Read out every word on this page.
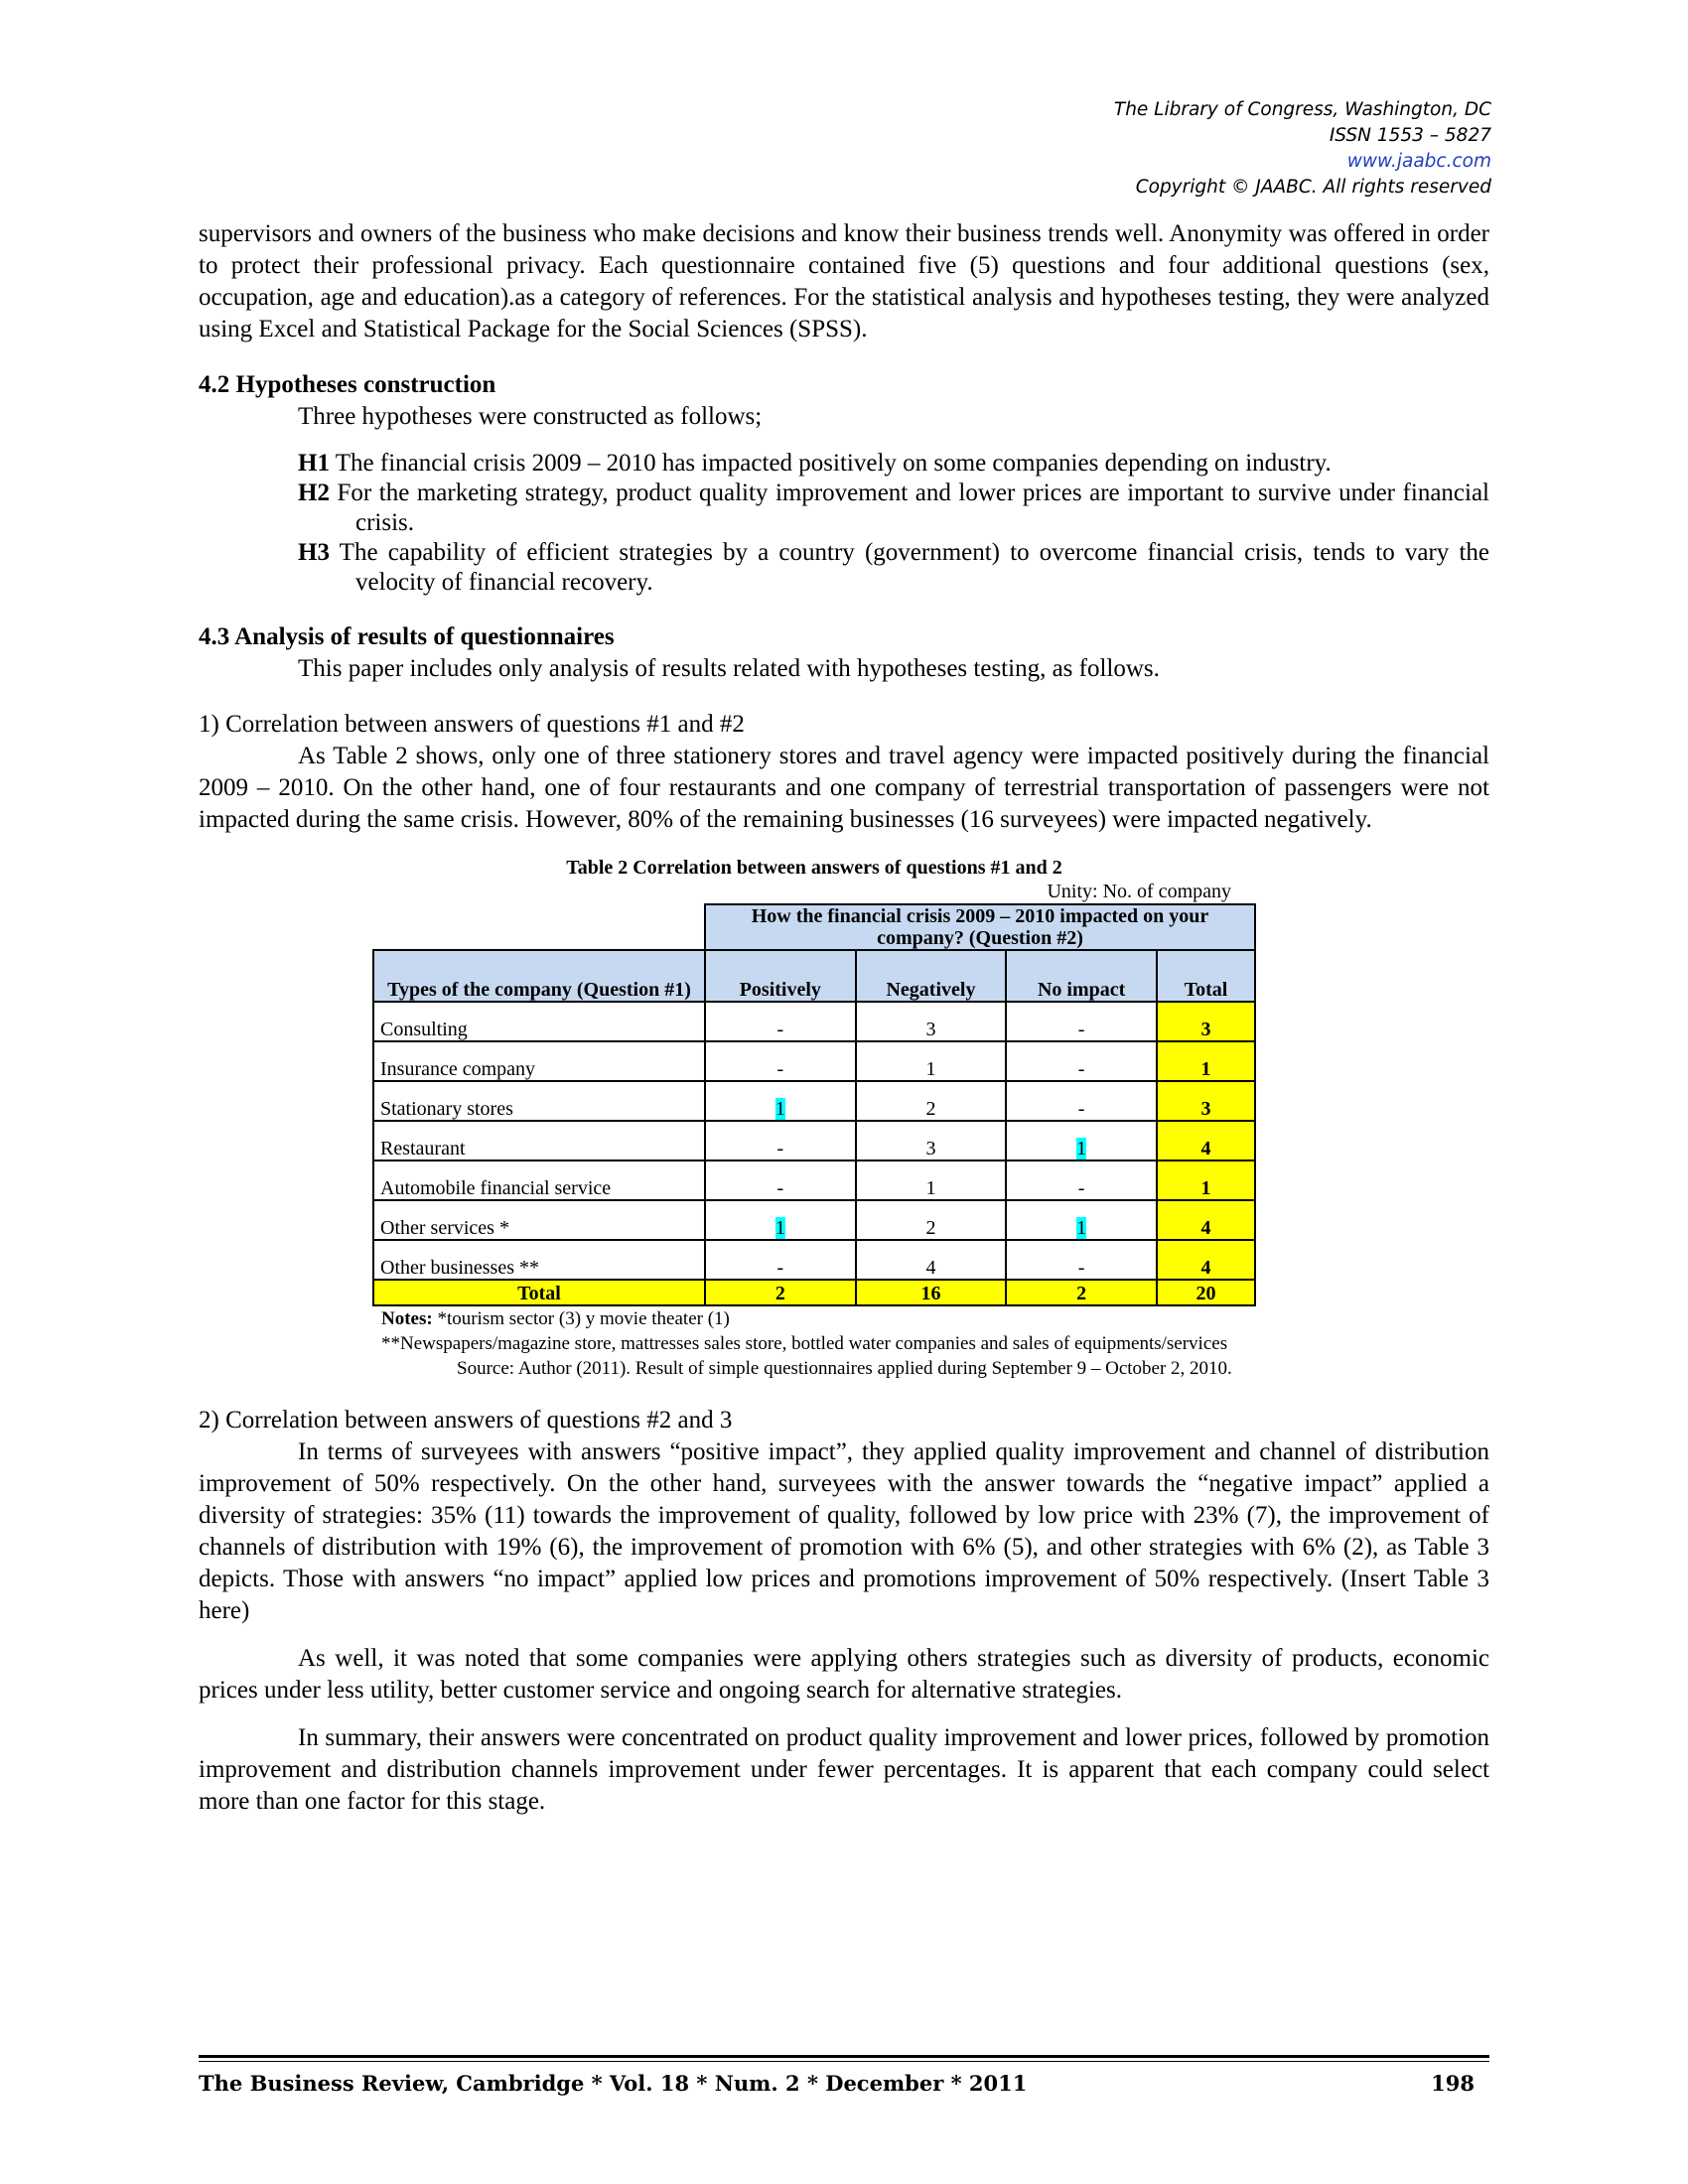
The Library of Congress, Washington, DC
ISSN 1553 – 5827
www.jaabc.com
Copyright © JAABC. All rights reserved

supervisors and owners of the business who make decisions and know their business trends well. Anonymity was offered in order to protect their professional privacy. Each questionnaire contained five (5) questions and four additional questions (sex, occupation, age and education).as a category of references. For the statistical analysis and hypotheses testing, they were analyzed using Excel and Statistical Package for the Social Sciences (SPSS).

4.2 Hypotheses construction

Three hypotheses were constructed as follows;

H1 The financial crisis 2009 – 2010 has impacted positively on some companies depending on industry.

H2 For the marketing strategy, product quality improvement and lower prices are important to survive under financial crisis.

H3 The capability of efficient strategies by a country (government) to overcome financial crisis, tends to vary the velocity of financial recovery.

4.3 Analysis of results of questionnaires

This paper includes only analysis of results related with hypotheses testing, as follows.

1) Correlation between answers of questions #1 and #2

As Table 2 shows, only one of three stationery stores and travel agency were impacted positively during the financial 2009 – 2010. On the other hand, one of four restaurants and one company of terrestrial transportation of passengers were not impacted during the same crisis. However, 80% of the remaining businesses (16 surveyees) were impacted negatively.

Table 2 Correlation between answers of questions #1 and 2
Unity: No. of company
	How the financial crisis 2009 – 2010 impacted on your company? (Question #2)			
Types of the company (Question #1)	Positively	Negatively	No impact	Total
Consulting	-	3	-	3
Insurance company	-	1	-	1
Stationary stores	1	2	-	3
Restaurant	-	3	1	4
Automobile financial service	-	1	-	1
Other services *	1	2	1	4
Other businesses **	-	4	-	4
Total	2	16	2	20
Notes: *tourism sector (3) y movie theater (1)
**Newspapers/magazine store, mattresses sales store, bottled water companies and sales of equipments/services
Source: Author (2011). Result of simple questionnaires applied during September 9 – October 2, 2010.

2) Correlation between answers of questions #2 and 3

In terms of surveyees with answers “positive impact”, they applied quality improvement and channel of distribution improvement of 50% respectively. On the other hand, surveyees with the answer towards the “negative impact” applied a diversity of strategies: 35% (11) towards the improvement of quality, followed by low price with 23% (7), the improvement of channels of distribution with 19% (6), the improvement of promotion with 6% (5), and other strategies with 6% (2), as Table 3 depicts. Those with answers “no impact” applied low prices and promotions improvement of 50% respectively. (Insert Table 3 here)

As well, it was noted that some companies were applying others strategies such as diversity of products, economic prices under less utility, better customer service and ongoing search for alternative strategies.

In summary, their answers were concentrated on product quality improvement and lower prices, followed by promotion improvement and distribution channels improvement under fewer percentages. It is apparent that each company could select more than one factor for this stage.

The Business Review, Cambridge * Vol. 18 * Num. 2 * December * 2011	198
